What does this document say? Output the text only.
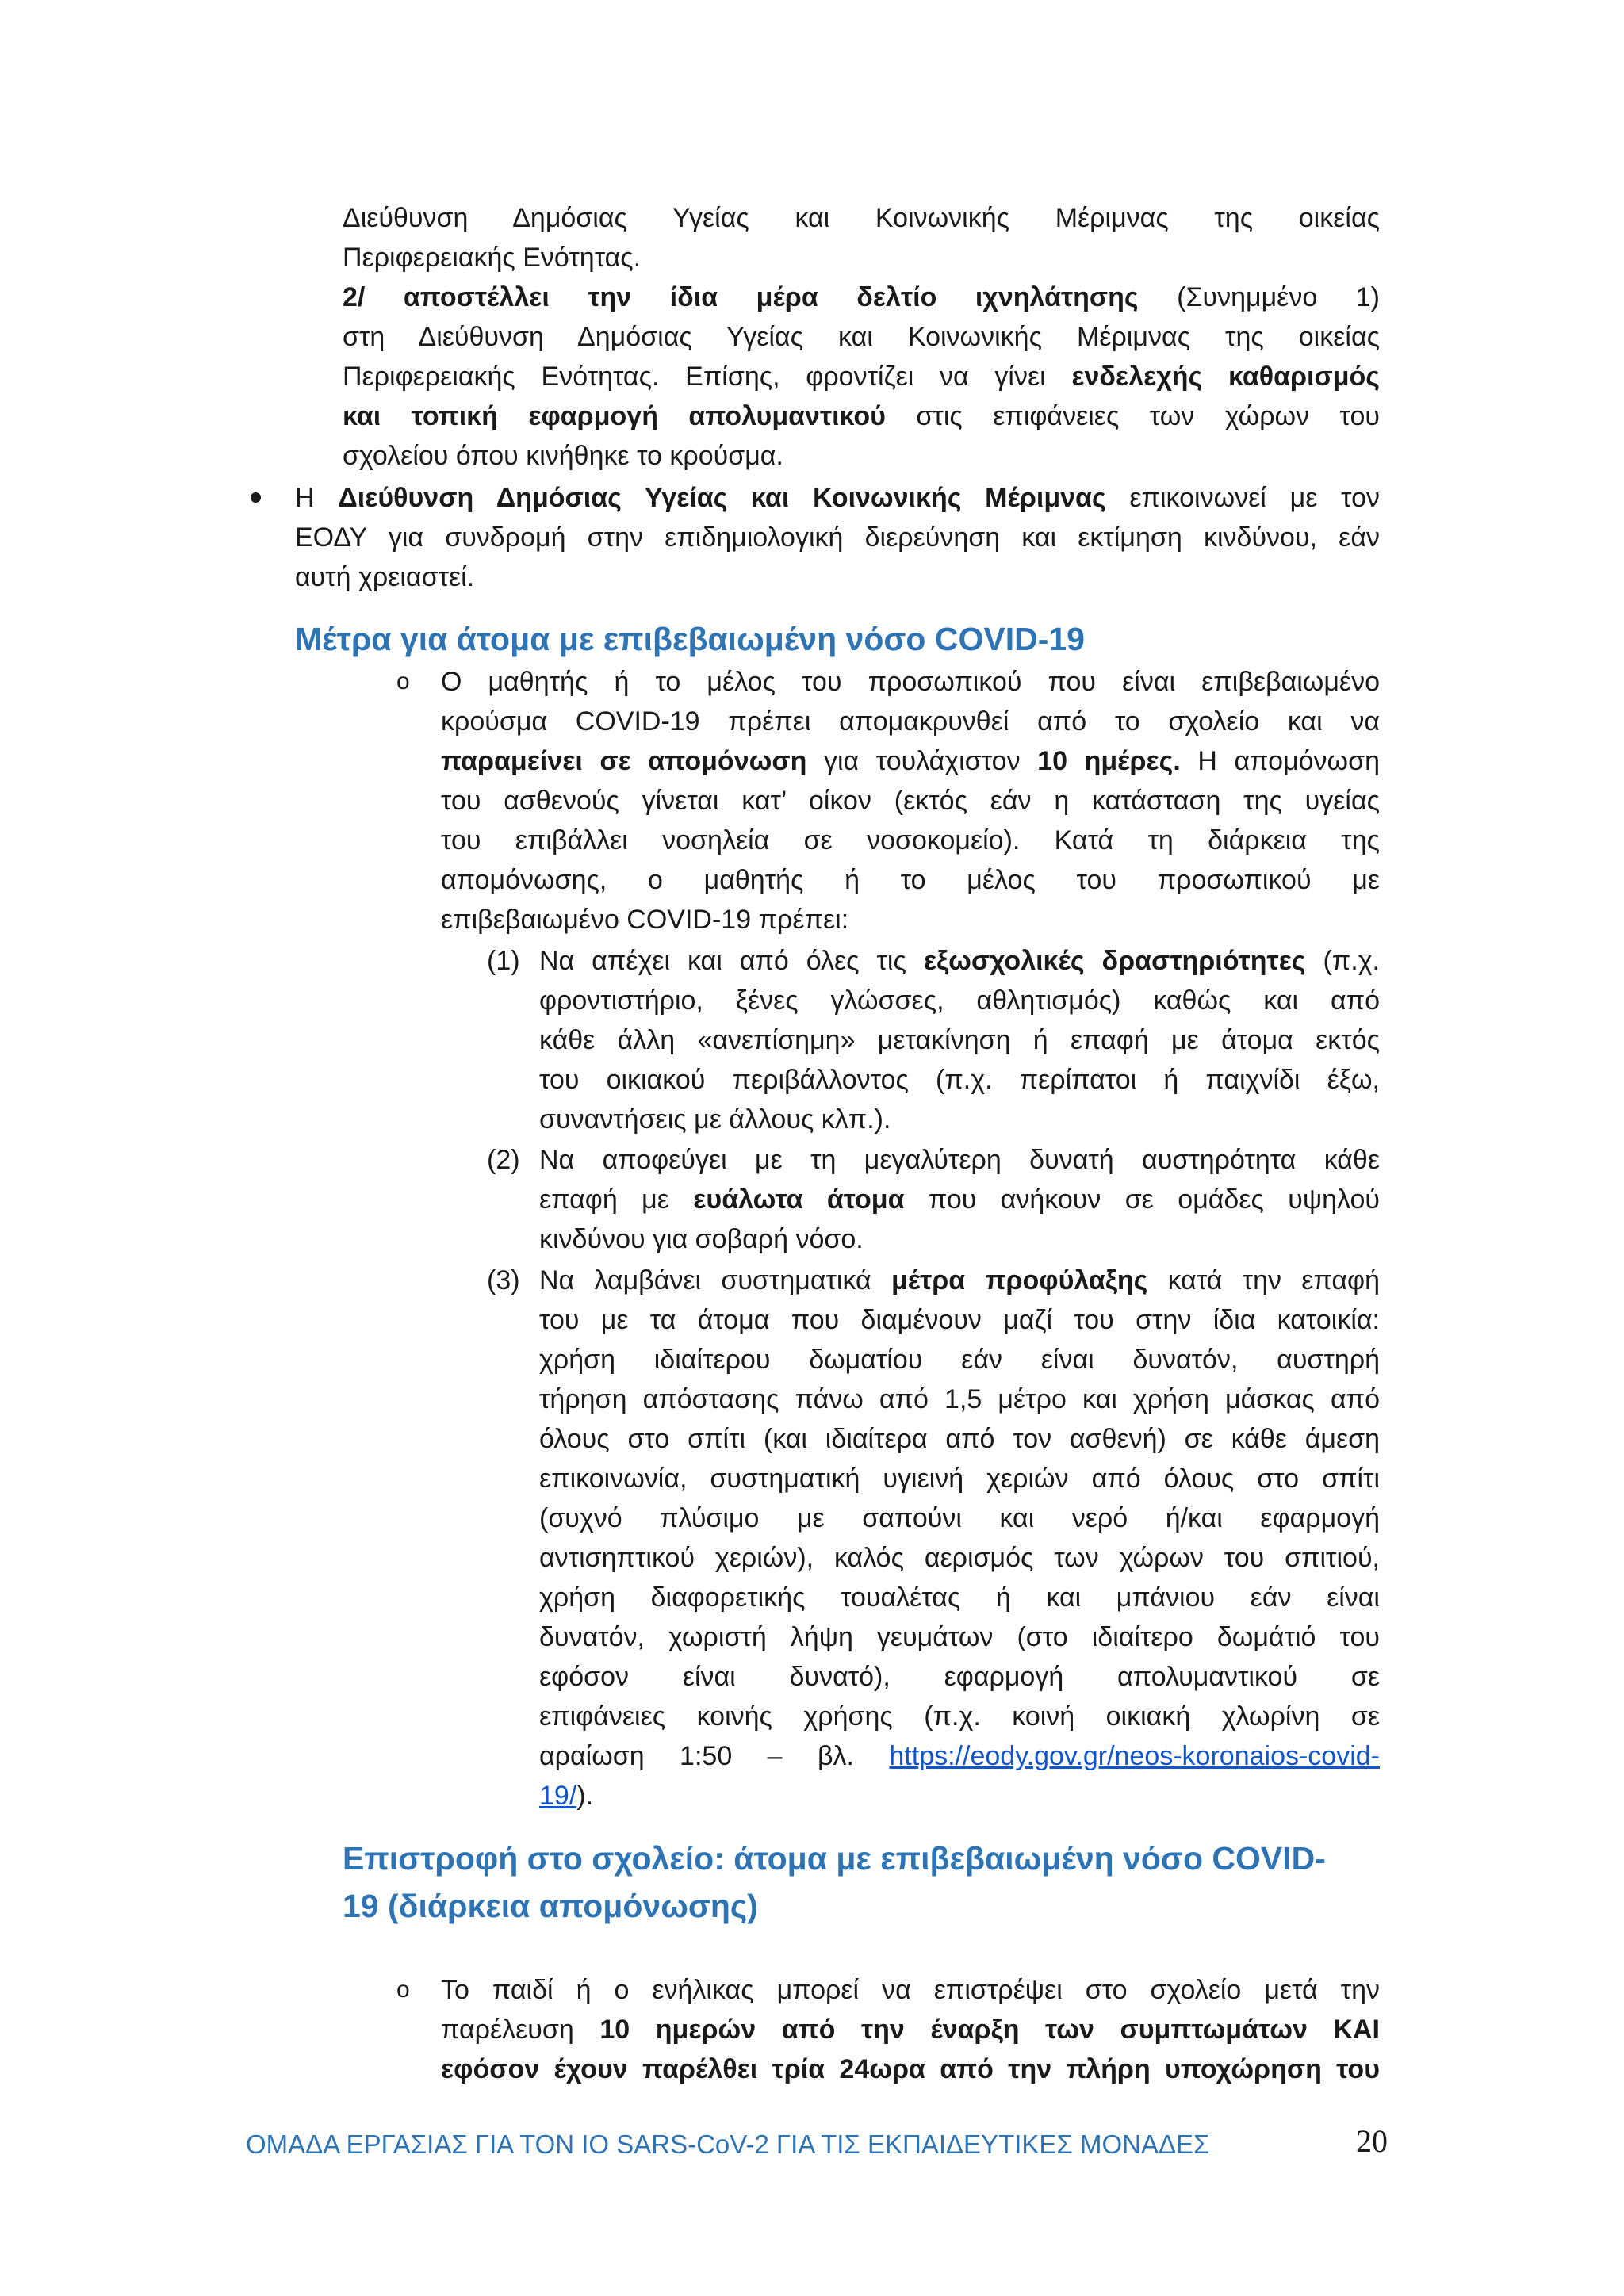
Διεύθυνση Δημόσιας Υγείας και Κοινωνικής Μέριμνας της οικείας

Περιφερειακής Ενότητας.

2/ αποστέλλει την ίδια μέρα δελτίο ιχνηλάτησης (Συνημμένο 1)

στη Διεύθυνση Δημόσιας Υγείας και Κοινωνικής Μέριμνας της οικείας

Περιφερειακής Ενότητας. Επίσης, φροντίζει να γίνει ενδελεχής καθαρισμός

και τοπική εφαρμογή απολυμαντικού στις επιφάνειες των χώρων του

σχολείου όπου κινήθηκε το κρούσμα.

Η Διεύθυνση Δημόσιας Υγείας και Κοινωνικής Μέριμνας επικοινωνεί με τον

ΕΟΔΥ για συνδρομή στην επιδημιολογική διερεύνηση και εκτίμηση κινδύνου, εάν

αυτή χρειαστεί.

Μέτρα για άτομα με επιβεβαιωμένη νόσο COVID-19
o Ο μαθητής ή το μέλος του προσωπικού που είναι επιβεβαιωμένο

κρούσμα COVID-19 πρέπει απομακρυνθεί από το σχολείο και να

παραμείνει σε απομόνωση για τουλάχιστον 10 ημέρες. Η απομόνωση

του ασθενούς γίνεται κατ’ οίκον (εκτός εάν η κατάσταση της υγείας

του επιβάλλει νοσηλεία σε νοσοκομείο). Κατά τη διάρκεια της

απομόνωσης, ο μαθητής ή το μέλος του προσωπικού με

επιβεβαιωμένο COVID-19 πρέπει:

(1) Να απέχει και από όλες τις εξωσχολικές δραστηριότητες (π.χ.

φροντιστήριο, ξένες γλώσσες, αθλητισμός) καθώς και από

κάθε άλλη «ανεπίσημη» μετακίνηση ή επαφή με άτομα εκτός

του οικιακού περιβάλλοντος (π.χ. περίπατοι ή παιχνίδι έξω,

συναντήσεις με άλλους κλπ.).

(2) Να αποφεύγει με τη μεγαλύτερη δυνατή αυστηρότητα κάθε

επαφή με ευάλωτα άτομα που ανήκουν σε ομάδες υψηλού

κινδύνου για σοβαρή νόσο.

(3) Να λαμβάνει συστηματικά μέτρα προφύλαξης κατά την επαφή

του με τα άτομα που διαμένουν μαζί του στην ίδια κατοικία:

χρήση ιδιαίτερου δωματίου εάν είναι δυνατόν, αυστηρή

τήρηση απόστασης πάνω από 1,5 μέτρο και χρήση μάσκας από

όλους στο σπίτι (και ιδιαίτερα από τον ασθενή) σε κάθε άμεση

επικοινωνία, συστηματική υγιεινή χεριών από όλους στο σπίτι

(συχνό πλύσιμο με σαπούνι και νερό ή/και εφαρμογή

αντισηπτικού χεριών), καλός αερισμός των χώρων του σπιτιού,

χρήση διαφορετικής τουαλέτας ή και μπάνιου εάν είναι

δυνατόν, χωριστή λήψη γευμάτων (στο ιδιαίτερο δωμάτιό του

εφόσον είναι δυνατό), εφαρμογή απολυμαντικού σε

επιφάνειες κοινής χρήσης (π.χ. κοινή οικιακή χλωρίνη σε

αραίωση 1:50 – βλ. https://eody.gov.gr/neos-koronaios-covid-

19/).

Επιστροφή στο σχολείο: άτομα με επιβεβαιωμένη νόσο COVID-
19 (διάρκεια απομόνωσης)
o Το παιδί ή ο ενήλικας μπορεί να επιστρέψει στο σχολείο μετά την

παρέλευση 10 ημερών από την έναρξη των συμπτωμάτων ΚΑΙ

εφόσον έχουν παρέλθει τρία 24ωρα από την πλήρη υποχώρηση του

ΟΜΑΔΑ ΕΡΓΑΣΙΑΣ ΓΙΑ ΤΟΝ ΙΟ SARS-CoV-2 ΓΙΑ ΤΙΣ ΕΚΠΑΙΔΕΥΤΙΚΕΣ ΜΟΝΑΔΕΣ	20
